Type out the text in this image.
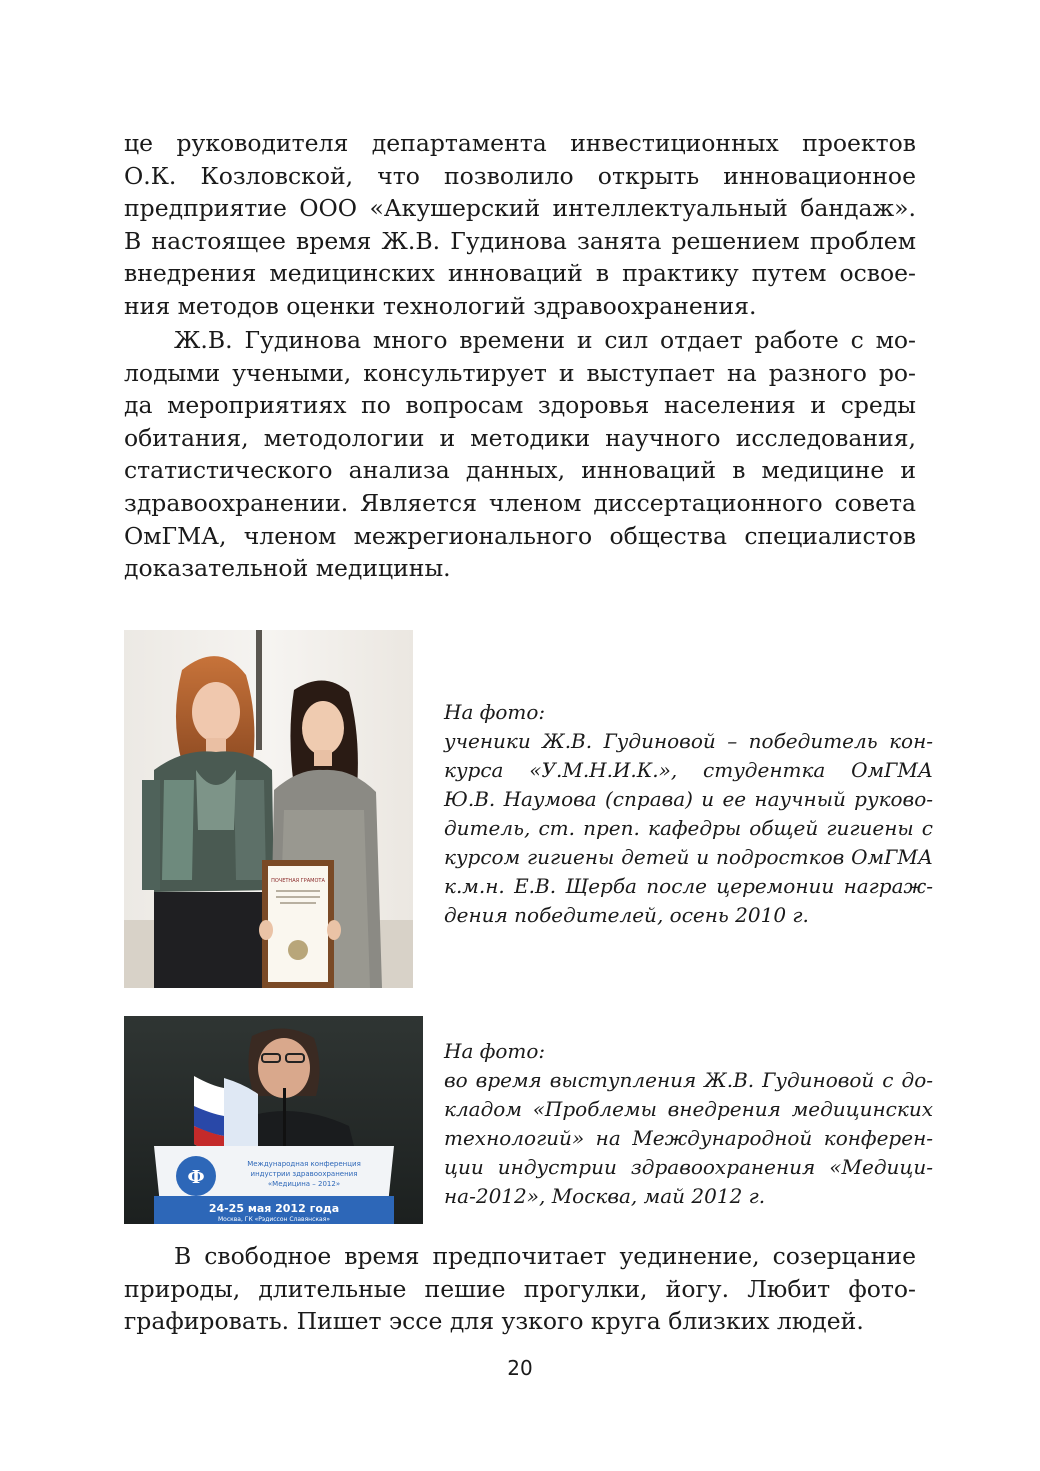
це руководителя департамента инвестиционных проектов
О.К. Козловской, что позволило открыть инновационное
предприятие ООО «Акушерский интеллектуальный бандаж».
В настоящее время Ж.В. Гудинова занята решением проблем
внедрения медицинских инноваций в практику путем освое-
ния методов оценки технологий здравоохранения.
Ж.В. Гудинова много времени и сил отдает работе с мо-
лодыми учеными, консультирует и выступает на разного ро-
да мероприятиях по вопросам здоровья населения и среды
обитания, методологии и методики научного исследования,
статистического анализа данных, инноваций в медицине и
здравоохранении. Является членом диссертационного совета
ОмГМА, членом межрегионального общества специалистов
доказательной медицины.
ПОЧЕТНАЯ ГРАМОТА
На фото:
ученики Ж.В. Гудиновой – победитель кон-
курса «У.М.Н.И.К.», студентка ОмГМА
Ю.В. Наумова (справа) и ее научный руково-
дитель, ст. преп. кафедры общей гигиены с
курсом гигиены детей и подростков ОмГМА
к.м.н. Е.В. Щерба после церемонии награж-
дения победителей, осень 2010 г.
Ф
Международная конференция
индустрии здравоохранения
«Медицина – 2012»
24-25 мая 2012 года
Москва, ГК «Рэдиссон Славянская»
На фото:
во время выступления Ж.В. Гудиновой с до-
кладом «Проблемы внедрения медицинских
технологий» на Международной конферен-
ции индустрии здравоохранения «Медици-
на-2012», Москва, май 2012 г.
В свободное время предпочитает уединение, созерцание
природы, длительные пешие прогулки, йогу. Любит фото-
графировать. Пишет эссе для узкого круга близких людей.
20
